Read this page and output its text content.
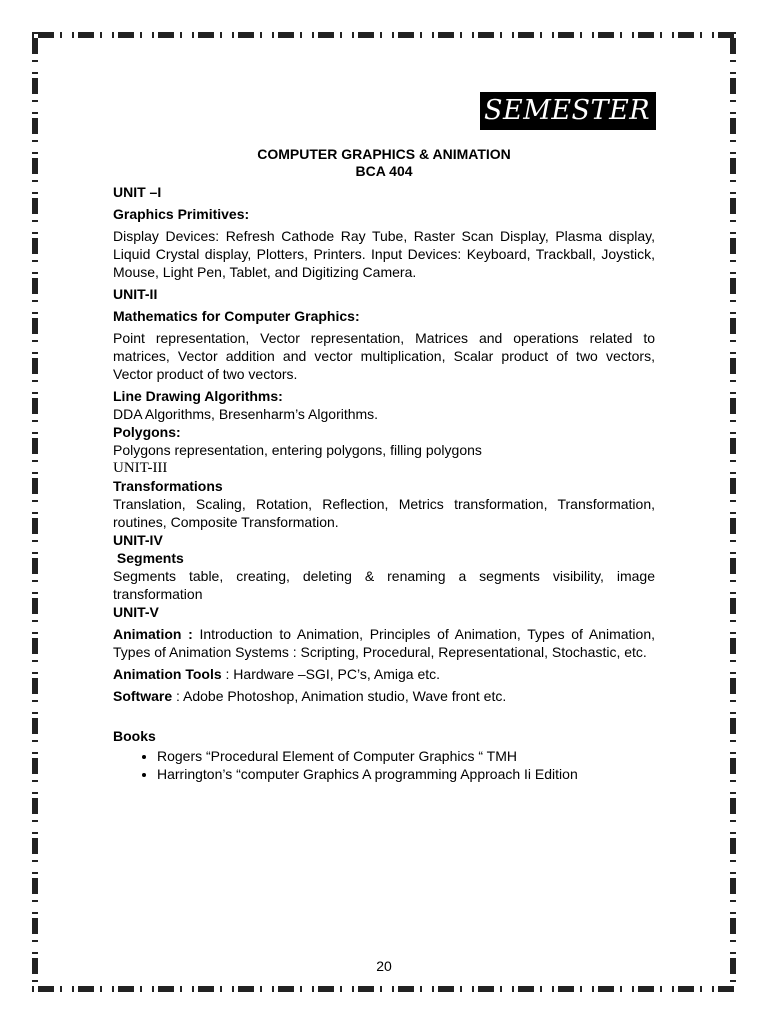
SEMESTER IV
COMPUTER GRAPHICS & ANIMATION
BCA 404
UNIT –I
Graphics Primitives:

Display Devices: Refresh Cathode Ray Tube, Raster Scan Display, Plasma display, Liquid Crystal display, Plotters, Printers. Input Devices: Keyboard, Trackball, Joystick, Mouse, Light Pen, Tablet, and Digitizing Camera.

UNIT-II
Mathematics for Computer Graphics:

Point representation, Vector representation, Matrices and operations related to matrices, Vector addition and vector multiplication, Scalar product of two vectors, Vector product of two vectors.

Line Drawing Algorithms:

DDA Algorithms, Bresenharm’s Algorithms.

Polygons:

Polygons representation, entering polygons, filling polygons

UNIT-III
Transformations

Translation, Scaling, Rotation, Reflection, Metrics transformation, Transformation, routines, Composite Transformation.

UNIT-IV
Segments

Segments table, creating, deleting & renaming a segments visibility, image transformation

UNIT-V

Animation : Introduction to Animation, Principles of Animation, Types of Animation, Types of Animation Systems : Scripting, Procedural, Representational, Stochastic, etc.

Animation Tools : Hardware –SGI, PC’s, Amiga etc.

Software : Adobe Photoshop, Animation studio, Wave front etc.

Books
• Rogers “Procedural Element of Computer Graphics “ TMH
• Harrington’s “computer Graphics A programming Approach Ii Edition
20
